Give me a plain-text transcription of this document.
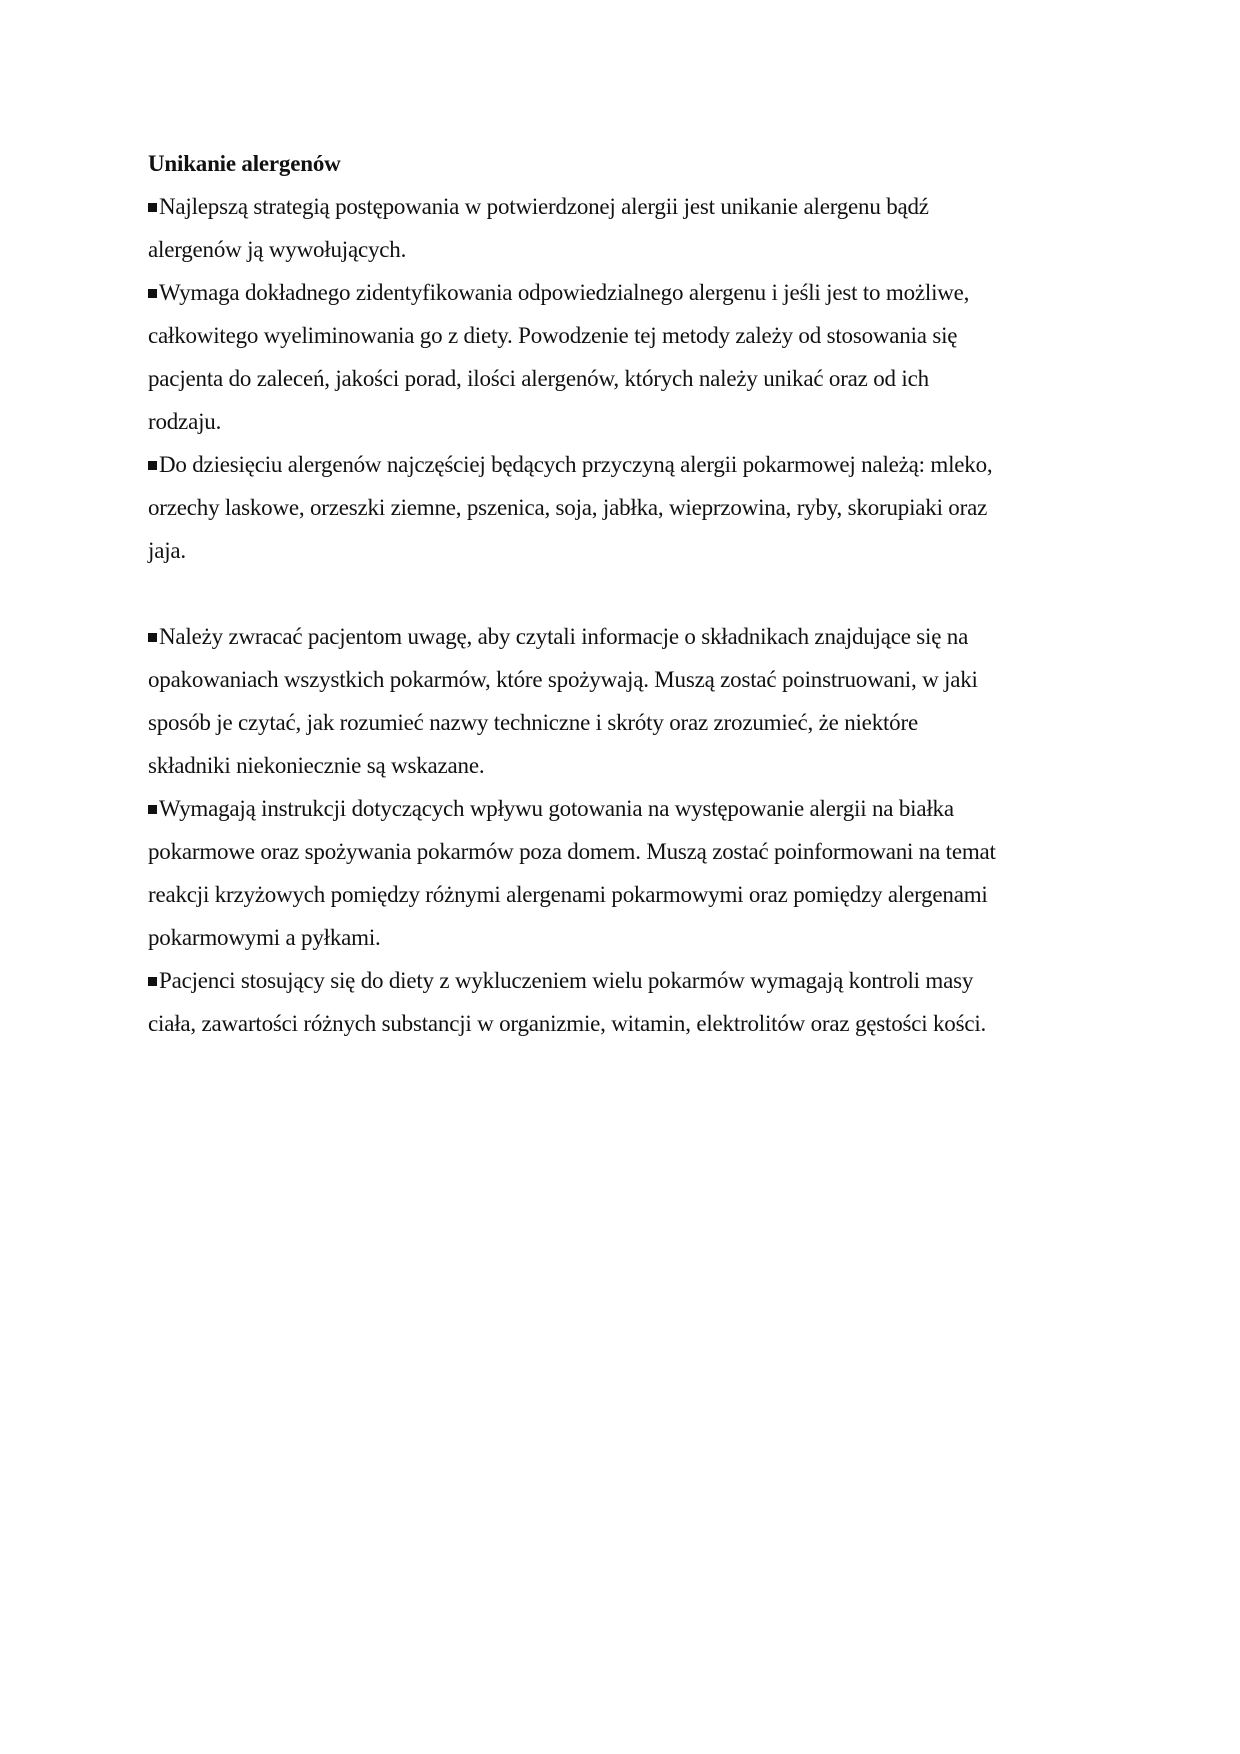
Unikanie alergenów

Najlepszą strategią postępowania w potwierdzonej alergii jest unikanie alergenu bądź
alergenów ją wywołujących.

Wymaga dokładnego zidentyfikowania odpowiedzialnego alergenu i jeśli jest to możliwe,
całkowitego wyeliminowania go z diety. Powodzenie tej metody zależy od stosowania się
pacjenta do zaleceń, jakości porad, ilości alergenów, których należy unikać oraz od ich
rodzaju.

Do dziesięciu alergenów najczęściej będących przyczyną alergii pokarmowej należą: mleko,
orzechy laskowe, orzeszki ziemne, pszenica, soja, jabłka, wieprzowina, ryby, skorupiaki oraz
jaja.

Należy zwracać pacjentom uwagę, aby czytali informacje o składnikach znajdujące się na
opakowaniach wszystkich pokarmów, które spożywają. Muszą zostać poinstruowani, w jaki
sposób je czytać, jak rozumieć nazwy techniczne i skróty oraz zrozumieć, że niektóre
składniki niekoniecznie są wskazane.

Wymagają instrukcji dotyczących wpływu gotowania na występowanie alergii na białka
pokarmowe oraz spożywania pokarmów poza domem. Muszą zostać poinformowani na temat
reakcji krzyżowych pomiędzy różnymi alergenami pokarmowymi oraz pomiędzy alergenami
pokarmowymi a pyłkami.

Pacjenci stosujący się do diety z wykluczeniem wielu pokarmów wymagają kontroli masy
ciała, zawartości różnych substancji w organizmie, witamin, elektrolitów oraz gęstości kości.
